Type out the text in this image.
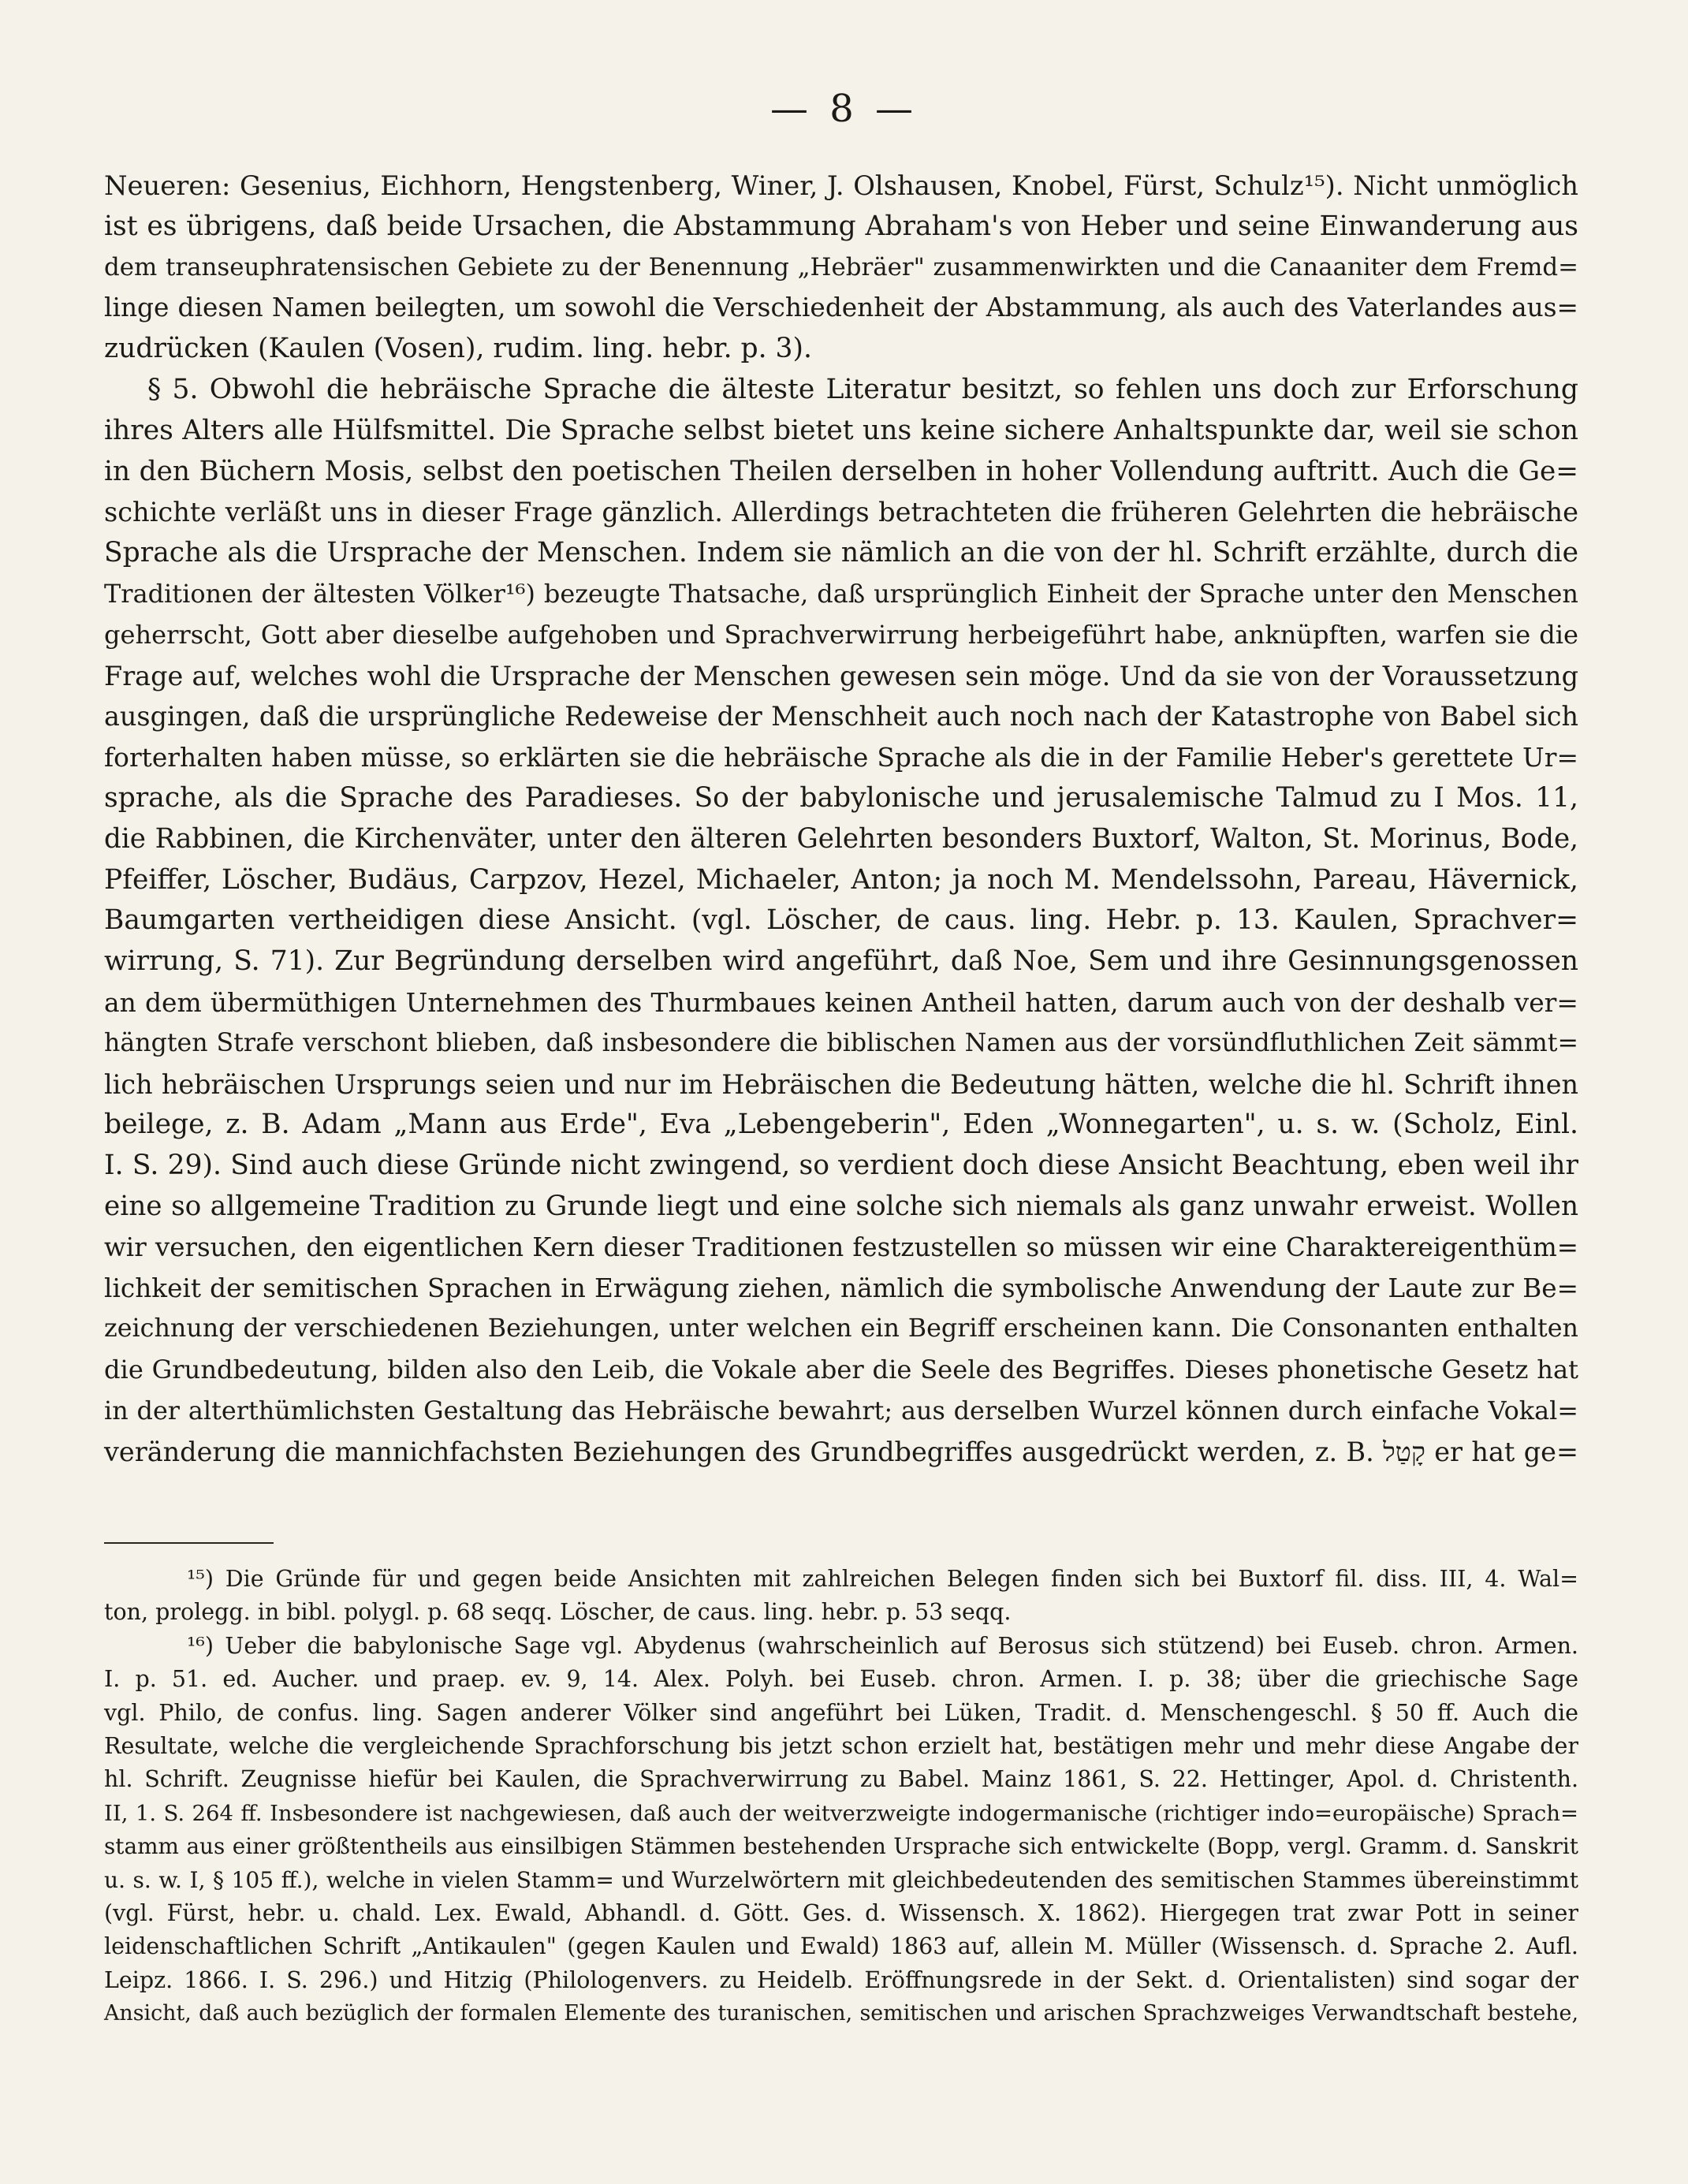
— 8 —
Neueren: Gesenius, Eichhorn, Hengstenberg, Winer, J. Olshausen, Knobel, Fürst, Schulz¹⁵). Nicht unmöglich
ist es übrigens, daß beide Ursachen, die Abstammung Abraham's von Heber und seine Einwanderung aus
dem transeuphratensischen Gebiete zu der Benennung „Hebräer" zusammenwirkten und die Canaaniter dem Fremd=
linge diesen Namen beilegten, um sowohl die Verschiedenheit der Abstammung, als auch des Vaterlandes aus=
zudrücken (Kaulen (Vosen), rudim. ling. hebr. p. 3).
§ 5. Obwohl die hebräische Sprache die älteste Literatur besitzt, so fehlen uns doch zur Erforschung
ihres Alters alle Hülfsmittel. Die Sprache selbst bietet uns keine sichere Anhaltspunkte dar, weil sie schon
in den Büchern Mosis, selbst den poetischen Theilen derselben in hoher Vollendung auftritt. Auch die Ge=
schichte verläßt uns in dieser Frage gänzlich. Allerdings betrachteten die früheren Gelehrten die hebräische
Sprache als die Ursprache der Menschen. Indem sie nämlich an die von der hl. Schrift erzählte, durch die
Traditionen der ältesten Völker¹⁶) bezeugte Thatsache, daß ursprünglich Einheit der Sprache unter den Menschen
geherrscht, Gott aber dieselbe aufgehoben und Sprachverwirrung herbeigeführt habe, anknüpften, warfen sie die
Frage auf, welches wohl die Ursprache der Menschen gewesen sein möge. Und da sie von der Voraussetzung
ausgingen, daß die ursprüngliche Redeweise der Menschheit auch noch nach der Katastrophe von Babel sich
forterhalten haben müsse, so erklärten sie die hebräische Sprache als die in der Familie Heber's gerettete Ur=
sprache, als die Sprache des Paradieses. So der babylonische und jerusalemische Talmud zu I Mos. 11,
die Rabbinen, die Kirchenväter, unter den älteren Gelehrten besonders Buxtorf, Walton, St. Morinus, Bode,
Pfeiffer, Löscher, Budäus, Carpzov, Hezel, Michaeler, Anton; ja noch M. Mendelssohn, Pareau, Hävernick,
Baumgarten vertheidigen diese Ansicht. (vgl. Löscher, de caus. ling. Hebr. p. 13. Kaulen, Sprachver=
wirrung, S. 71). Zur Begründung derselben wird angeführt, daß Noe, Sem und ihre Gesinnungsgenossen
an dem übermüthigen Unternehmen des Thurmbaues keinen Antheil hatten, darum auch von der deshalb ver=
hängten Strafe verschont blieben, daß insbesondere die biblischen Namen aus der vorsündfluthlichen Zeit sämmt=
lich hebräischen Ursprungs seien und nur im Hebräischen die Bedeutung hätten, welche die hl. Schrift ihnen
beilege, z. B. Adam „Mann aus Erde", Eva „Lebengeberin", Eden „Wonnegarten", u. s. w. (Scholz, Einl.
I. S. 29). Sind auch diese Gründe nicht zwingend, so verdient doch diese Ansicht Beachtung, eben weil ihr
eine so allgemeine Tradition zu Grunde liegt und eine solche sich niemals als ganz unwahr erweist. Wollen
wir versuchen, den eigentlichen Kern dieser Traditionen festzustellen so müssen wir eine Charaktereigenthüm=
lichkeit der semitischen Sprachen in Erwägung ziehen, nämlich die symbolische Anwendung der Laute zur Be=
zeichnung der verschiedenen Beziehungen, unter welchen ein Begriff erscheinen kann. Die Consonanten enthalten
die Grundbedeutung, bilden also den Leib, die Vokale aber die Seele des Begriffes. Dieses phonetische Gesetz hat
in der alterthümlichsten Gestaltung das Hebräische bewahrt; aus derselben Wurzel können durch einfache Vokal=
veränderung die mannichfachsten Beziehungen des Grundbegriffes ausgedrückt werden, z. B. קָטַל er hat ge=
¹⁵) Die Gründe für und gegen beide Ansichten mit zahlreichen Belegen finden sich bei Buxtorf fil. diss. III, 4. Wal=
ton, prolegg. in bibl. polygl. p. 68 seqq. Löscher, de caus. ling. hebr. p. 53 seqq.
¹⁶) Ueber die babylonische Sage vgl. Abydenus (wahrscheinlich auf Berosus sich stützend) bei Euseb. chron. Armen.
I. p. 51. ed. Aucher. und praep. ev. 9, 14. Alex. Polyh. bei Euseb. chron. Armen. I. p. 38; über die griechische Sage
vgl. Philo, de confus. ling. Sagen anderer Völker sind angeführt bei Lüken, Tradit. d. Menschengeschl. § 50 ff. Auch die
Resultate, welche die vergleichende Sprachforschung bis jetzt schon erzielt hat, bestätigen mehr und mehr diese Angabe der
hl. Schrift. Zeugnisse hiefür bei Kaulen, die Sprachverwirrung zu Babel. Mainz 1861, S. 22. Hettinger, Apol. d. Christenth.
II, 1. S. 264 ff. Insbesondere ist nachgewiesen, daß auch der weitverzweigte indogermanische (richtiger indo=europäische) Sprach=
stamm aus einer größtentheils aus einsilbigen Stämmen bestehenden Ursprache sich entwickelte (Bopp, vergl. Gramm. d. Sanskrit
u. s. w. I, § 105 ff.), welche in vielen Stamm= und Wurzelwörtern mit gleichbedeutenden des semitischen Stammes übereinstimmt
(vgl. Fürst, hebr. u. chald. Lex. Ewald, Abhandl. d. Gött. Ges. d. Wissensch. X. 1862). Hiergegen trat zwar Pott in seiner
leidenschaftlichen Schrift „Antikaulen" (gegen Kaulen und Ewald) 1863 auf, allein M. Müller (Wissensch. d. Sprache 2. Aufl.
Leipz. 1866. I. S. 296.) und Hitzig (Philologenvers. zu Heidelb. Eröffnungsrede in der Sekt. d. Orientalisten) sind sogar der
Ansicht, daß auch bezüglich der formalen Elemente des turanischen, semitischen und arischen Sprachzweiges Verwandtschaft bestehe,
